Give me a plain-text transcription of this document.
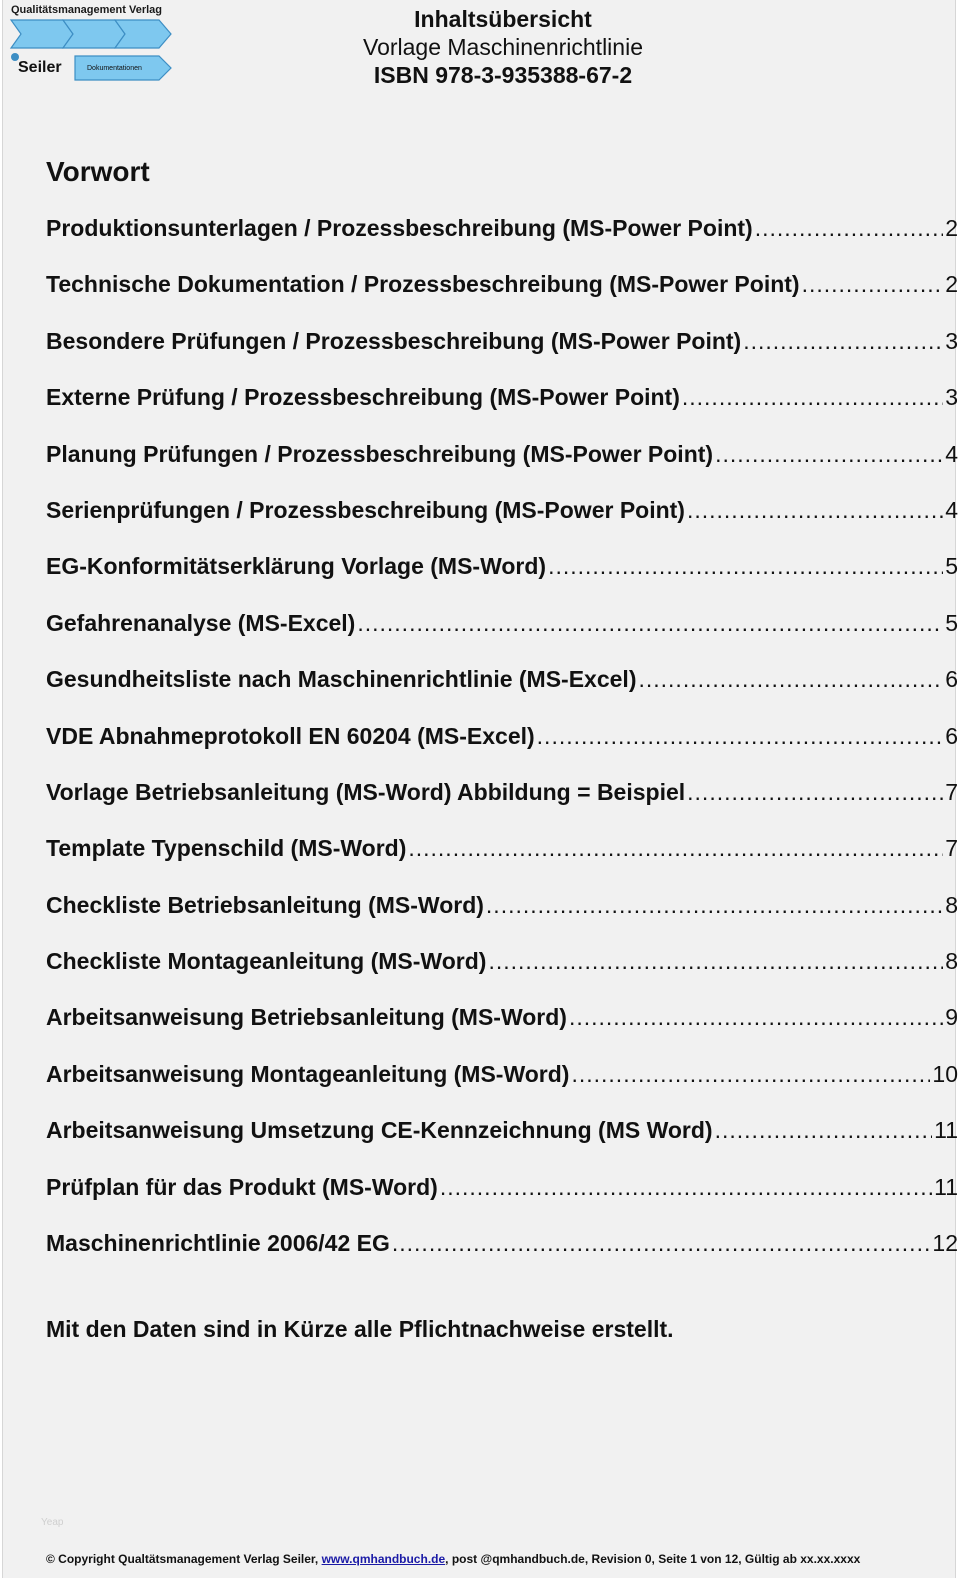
Qualitätsmanagement Verlag
Seiler	Dokumentationen
Inhaltsübersicht
Vorlage Maschinenrichtlinie
ISBN 978-3-935388-67-2
Vorwort
Produktionsunterlagen / Prozessbeschreibung (MS-Power Point) .....	2
Technische Dokumentation / Prozessbeschreibung (MS-Power Point) .....	2
Besondere Prüfungen / Prozessbeschreibung (MS-Power Point) .....	3
Externe Prüfung / Prozessbeschreibung (MS-Power Point) .....	3
Planung Prüfungen / Prozessbeschreibung (MS-Power Point) .....	4
Serienprüfungen / Prozessbeschreibung (MS-Power Point) .....	4
EG-Konformitätserklärung Vorlage (MS-Word) .....	5
Gefahrenanalyse (MS-Excel) .....	5
Gesundheitsliste nach Maschinenrichtlinie (MS-Excel) .....	6
VDE Abnahmeprotokoll EN 60204 (MS-Excel) .....	6
Vorlage Betriebsanleitung (MS-Word) Abbildung = Beispiel .....	7
Template Typenschild (MS-Word) .....	7
Checkliste Betriebsanleitung (MS-Word) .....	8
Checkliste Montageanleitung (MS-Word) .....	8
Arbeitsanweisung Betriebsanleitung (MS-Word) .....	9
Arbeitsanweisung Montageanleitung (MS-Word) .....	10
Arbeitsanweisung Umsetzung CE-Kennzeichnung (MS Word) .....	11
Prüfplan für das Produkt (MS-Word) .....	11
Maschinenrichtlinie 2006/42 EG .....	12
Mit den Daten sind in Kürze alle Pflichtnachweise erstellt.
Yeap
© Copyright Qualtätsmanagement Verlag Seiler, www.qmhandbuch.de, post @qmhandbuch.de, Revision 0, Seite 1 von 12, Gültig ab xx.xx.xxxx
